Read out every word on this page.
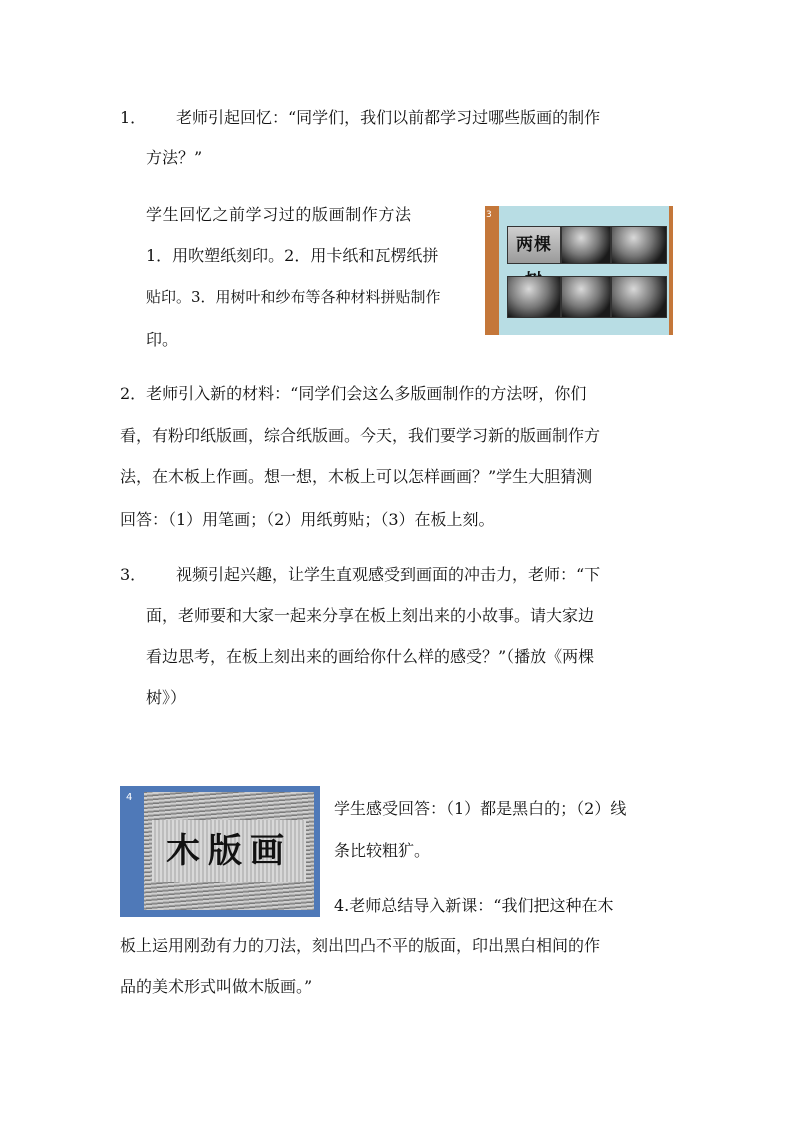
1． 老师引起回忆：“同学们，我们以前都学习过哪些版画的制作
方法？”
学生回忆之前学习过的版画制作方法
1．用吹塑纸刻印。2．用卡纸和瓦楞纸拼
贴印。3．用树叶和纱布等各种材料拼贴制作
印。
3
两棵
2．老师引入新的材料：“同学们会这么多版画制作的方法呀，你们
看，有粉印纸版画，综合纸版画。今天，我们要学习新的版画制作方
法，在木板上作画。想一想，木板上可以怎样画画？”学生大胆猜测
回答：（1）用笔画；（2）用纸剪贴；（3）在板上刻。
3． 视频引起兴趣，让学生直观感受到画面的冲击力，老师：“下
面，老师要和大家一起来分享在板上刻出来的小故事。请大家边
看边思考，在板上刻出来的画给你什么样的感受？”（播放《两棵
树》）
4
木版画
学生感受回答：（1）都是黑白的；（2）线
条比较粗犷。
4.老师总结导入新课：“我们把这种在木
板上运用刚劲有力的刀法，刻出凹凸不平的版面，印出黑白相间的作
品的美术形式叫做木版画。”
